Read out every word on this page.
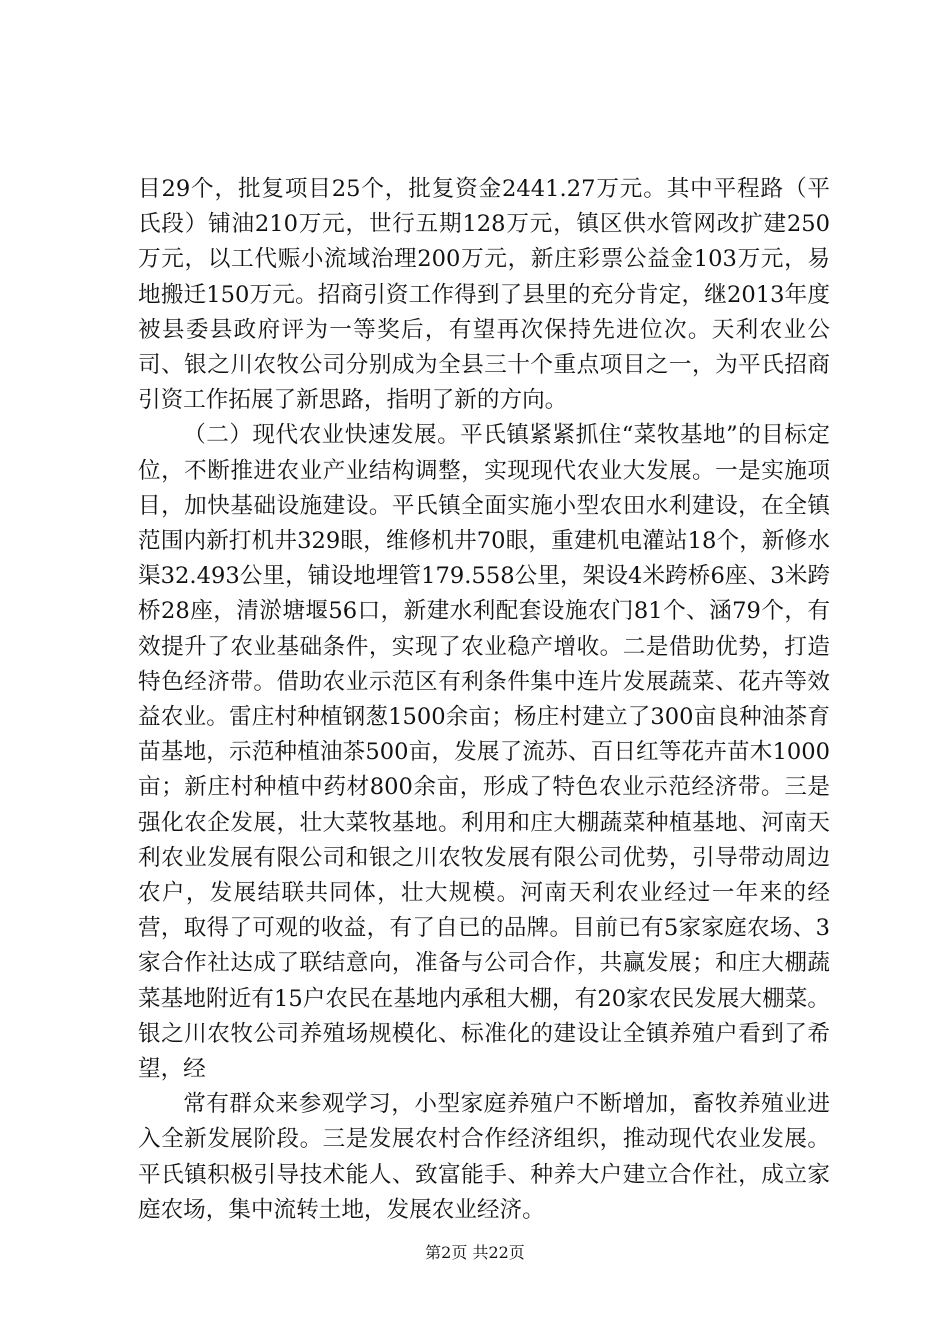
目29个，批复项目25个，批复资金2441.27万元。其中平程路（平氏段）铺油210万元，世行五期128万元，镇区供水管网改扩建250万元，以工代赈小流域治理200万元，新庄彩票公益金103万元，易地搬迁150万元。招商引资工作得到了县里的充分肯定，继2013年度被县委县政府评为一等奖后，有望再次保持先进位次。天利农业公司、银之川农牧公司分别成为全县三十个重点项目之一，为平氏招商引资工作拓展了新思路，指明了新的方向。

（二）现代农业快速发展。平氏镇紧紧抓住“菜牧基地”的目标定位，不断推进农业产业结构调整，实现现代农业大发展。一是实施项目，加快基础设施建设。平氏镇全面实施小型农田水利建设，在全镇范围内新打机井329眼，维修机井70眼，重建机电灌站18个，新修水渠32.493公里，铺设地埋管179.558公里，架设4米跨桥6座、3米跨桥28座，清淤塘堰56口，新建水利配套设施农门81个、涵79个，有效提升了农业基础条件，实现了农业稳产增收。二是借助优势，打造特色经济带。借助农业示范区有利条件集中连片发展蔬菜、花卉等效益农业。雷庄村种植钢葱1500余亩；杨庄村建立了300亩良种油茶育苗基地，示范种植油茶500亩，发展了流苏、百日红等花卉苗木1000亩；新庄村种植中药材800余亩，形成了特色农业示范经济带。三是强化农企发展，壮大菜牧基地。利用和庄大棚蔬菜种植基地、河南天利农业发展有限公司和银之川农牧发展有限公司优势，引导带动周边农户，发展结联共同体，壮大规模。河南天利农业经过一年来的经营，取得了可观的收益，有了自已的品牌。目前已有5家家庭农场、3家合作社达成了联结意向，准备与公司合作，共赢发展；和庄大棚蔬菜基地附近有15户农民在基地内承租大棚，有20家农民发展大棚菜。银之川农牧公司养殖场规模化、标准化的建设让全镇养殖户看到了希望，经

常有群众来参观学习，小型家庭养殖户不断增加，畜牧养殖业进入全新发展阶段。三是发展农村合作经济组织，推动现代农业发展。平氏镇积极引导技术能人、致富能手、种养大户建立合作社，成立家庭农场，集中流转土地，发展农业经济。

第2页 共22页
